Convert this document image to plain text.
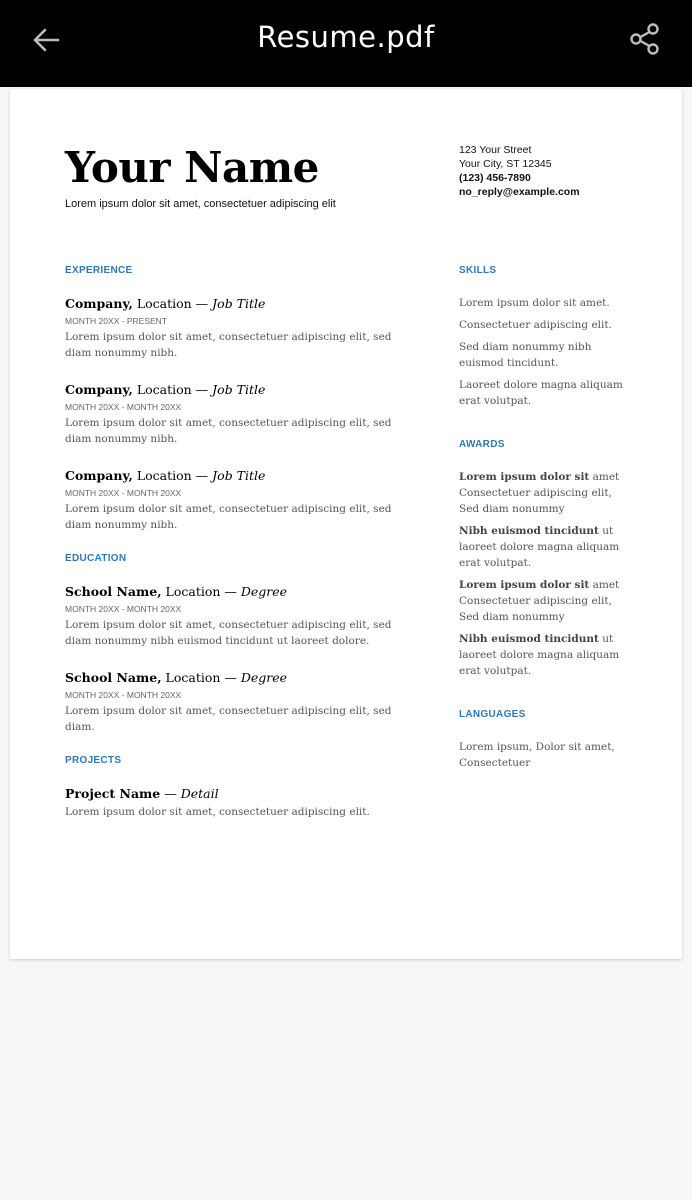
Resume.pdf
Your Name
Lorem ipsum dolor sit amet, consectetuer adipiscing elit
123 Your Street
Your City, ST 12345
(123) 456-7890
no_reply@example.com
EXPERIENCE
Company, Location — Job Title
MONTH 20XX - PRESENT
Lorem ipsum dolor sit amet, consectetuer adipiscing elit, sed diam nonummy nibh.
Company, Location — Job Title
MONTH 20XX - MONTH 20XX
Lorem ipsum dolor sit amet, consectetuer adipiscing elit, sed diam nonummy nibh.
Company, Location — Job Title
MONTH 20XX - MONTH 20XX
Lorem ipsum dolor sit amet, consectetuer adipiscing elit, sed diam nonummy nibh.
EDUCATION
School Name, Location — Degree
MONTH 20XX - MONTH 20XX
Lorem ipsum dolor sit amet, consectetuer adipiscing elit, sed diam nonummy nibh euismod tincidunt ut laoreet dolore.
School Name, Location — Degree
MONTH 20XX - MONTH 20XX
Lorem ipsum dolor sit amet, consectetuer adipiscing elit, sed diam.
PROJECTS
Project Name — Detail
Lorem ipsum dolor sit amet, consectetuer adipiscing elit.
SKILLS
Lorem ipsum dolor sit amet.
Consectetuer adipiscing elit.
Sed diam nonummy nibh euismod tincidunt.
Laoreet dolore magna aliquam erat volutpat.
AWARDS
Lorem ipsum dolor sit amet Consectetuer adipiscing elit, Sed diam nonummy
Nibh euismod tincidunt ut laoreet dolore magna aliquam erat volutpat.
Lorem ipsum dolor sit amet Consectetuer adipiscing elit, Sed diam nonummy
Nibh euismod tincidunt ut laoreet dolore magna aliquam erat volutpat.
LANGUAGES
Lorem ipsum, Dolor sit amet, Consectetuer
